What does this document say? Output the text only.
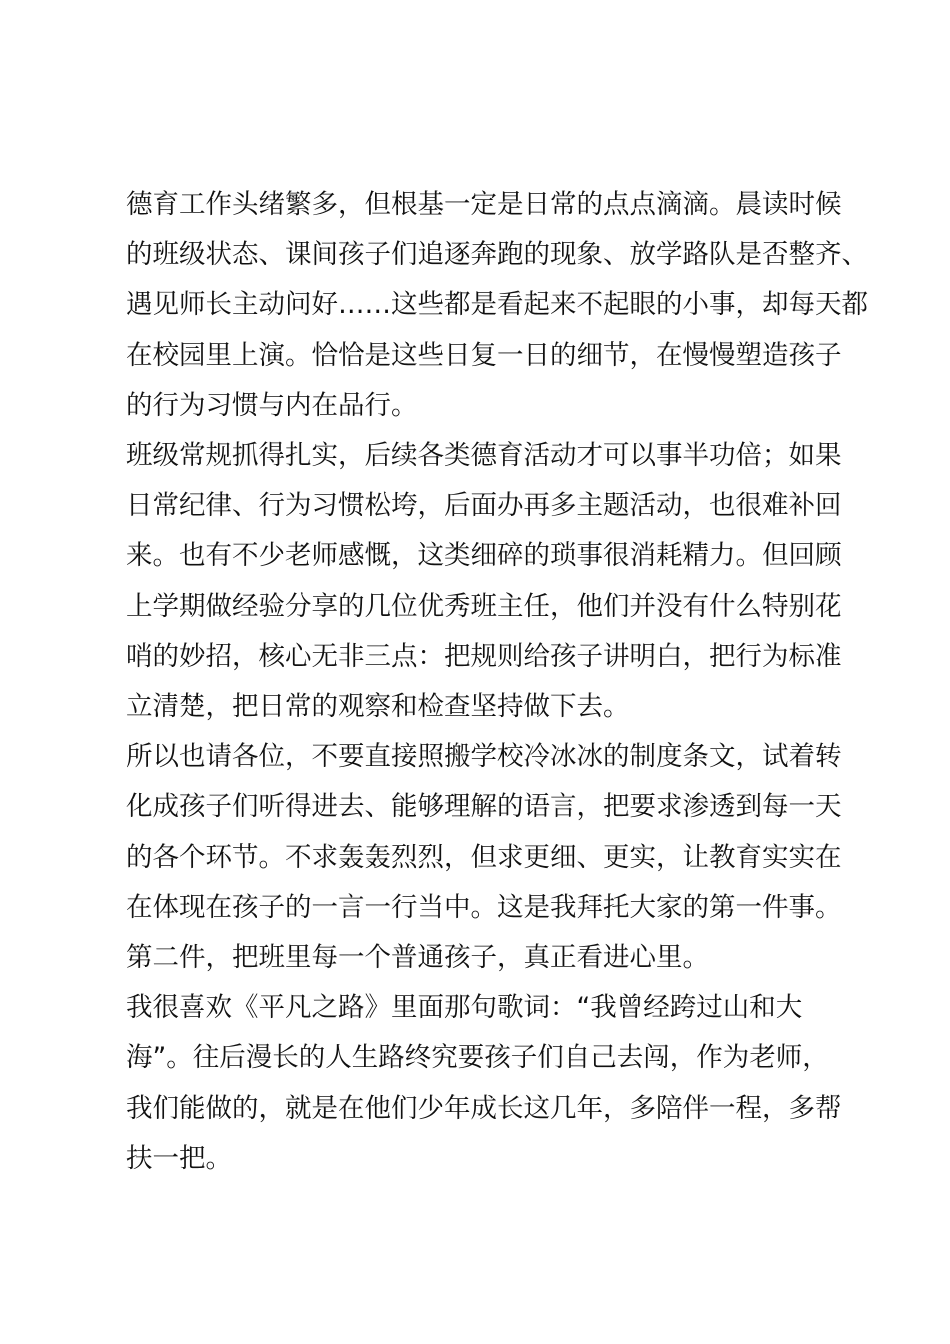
德育工作头绪繁多，但根基一定是日常的点点滴滴。晨读时候
的班级状态、课间孩子们追逐奔跑的现象、放学路队是否整齐、
遇见师长主动问好……这些都是看起来不起眼的小事，却每天都
在校园里上演。恰恰是这些日复一日的细节，在慢慢塑造孩子
的行为习惯与内在品行。

班级常规抓得扎实，后续各类德育活动才可以事半功倍；如果
日常纪律、行为习惯松垮，后面办再多主题活动，也很难补回
来。也有不少老师感慨，这类细碎的琐事很消耗精力。但回顾
上学期做经验分享的几位优秀班主任，他们并没有什么特别花
哨的妙招，核心无非三点：把规则给孩子讲明白，把行为标准
立清楚，把日常的观察和检查坚持做下去。

所以也请各位，不要直接照搬学校冷冰冰的制度条文，试着转
化成孩子们听得进去、能够理解的语言，把要求渗透到每一天
的各个环节。不求轰轰烈烈，但求更细、更实，让教育实实在
在体现在孩子的一言一行当中。这是我拜托大家的第一件事。

第二件，把班里每一个普通孩子，真正看进心里。

我很喜欢《平凡之路》里面那句歌词：“我曾经跨过山和大
海”。往后漫长的人生路终究要孩子们自己去闯，作为老师，
我们能做的，就是在他们少年成长这几年，多陪伴一程，多帮
扶一把。
